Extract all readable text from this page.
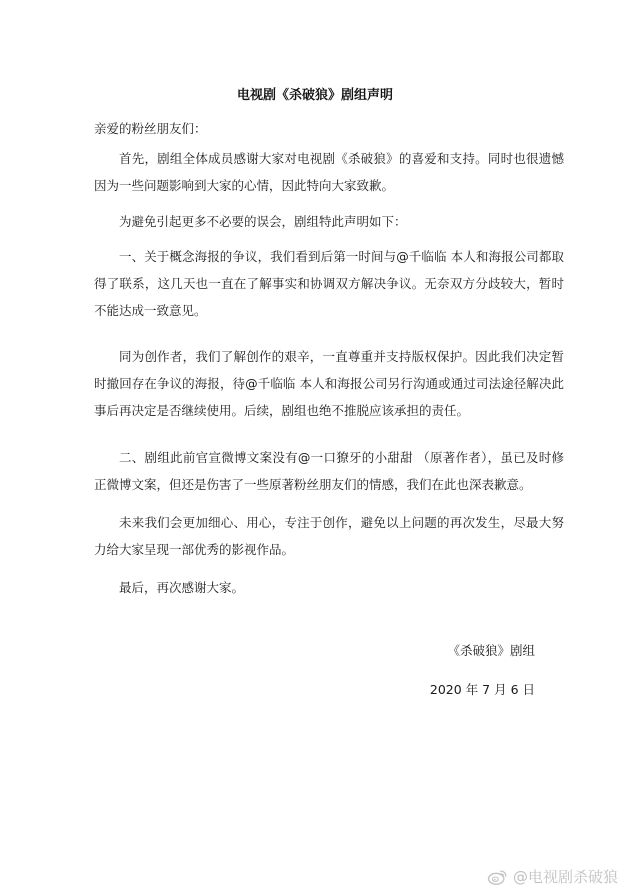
电视剧《杀破狼》剧组声明

亲爱的粉丝朋友们：

首先，剧组全体成员感谢大家对电视剧《杀破狼》的喜爱和支持。同时也很遗憾因为一些问题影响到大家的心情，因此特向大家致歉。

为避免引起更多不必要的误会，剧组特此声明如下：

一、关于概念海报的争议，我们看到后第一时间与@千临临 本人和海报公司都取得了联系，这几天也一直在了解事实和协调双方解决争议。无奈双方分歧较大，暂时不能达成一致意见。

同为创作者，我们了解创作的艰辛，一直尊重并支持版权保护。因此我们决定暂时撤回存在争议的海报，待@千临临 本人和海报公司另行沟通或通过司法途径解决此事后再决定是否继续使用。后续，剧组也绝不推脱应该承担的责任。

二、剧组此前官宣微博文案没有@一口獠牙的小甜甜 （原著作者），虽已及时修正微博文案，但还是伤害了一些原著粉丝朋友们的情感，我们在此也深表歉意。

未来我们会更加细心、用心，专注于创作，避免以上问题的再次发生，尽最大努力给大家呈现一部优秀的影视作品。

最后，再次感谢大家。

《杀破狼》剧组
2020 年 7 月 6 日
@电视剧杀破狼
